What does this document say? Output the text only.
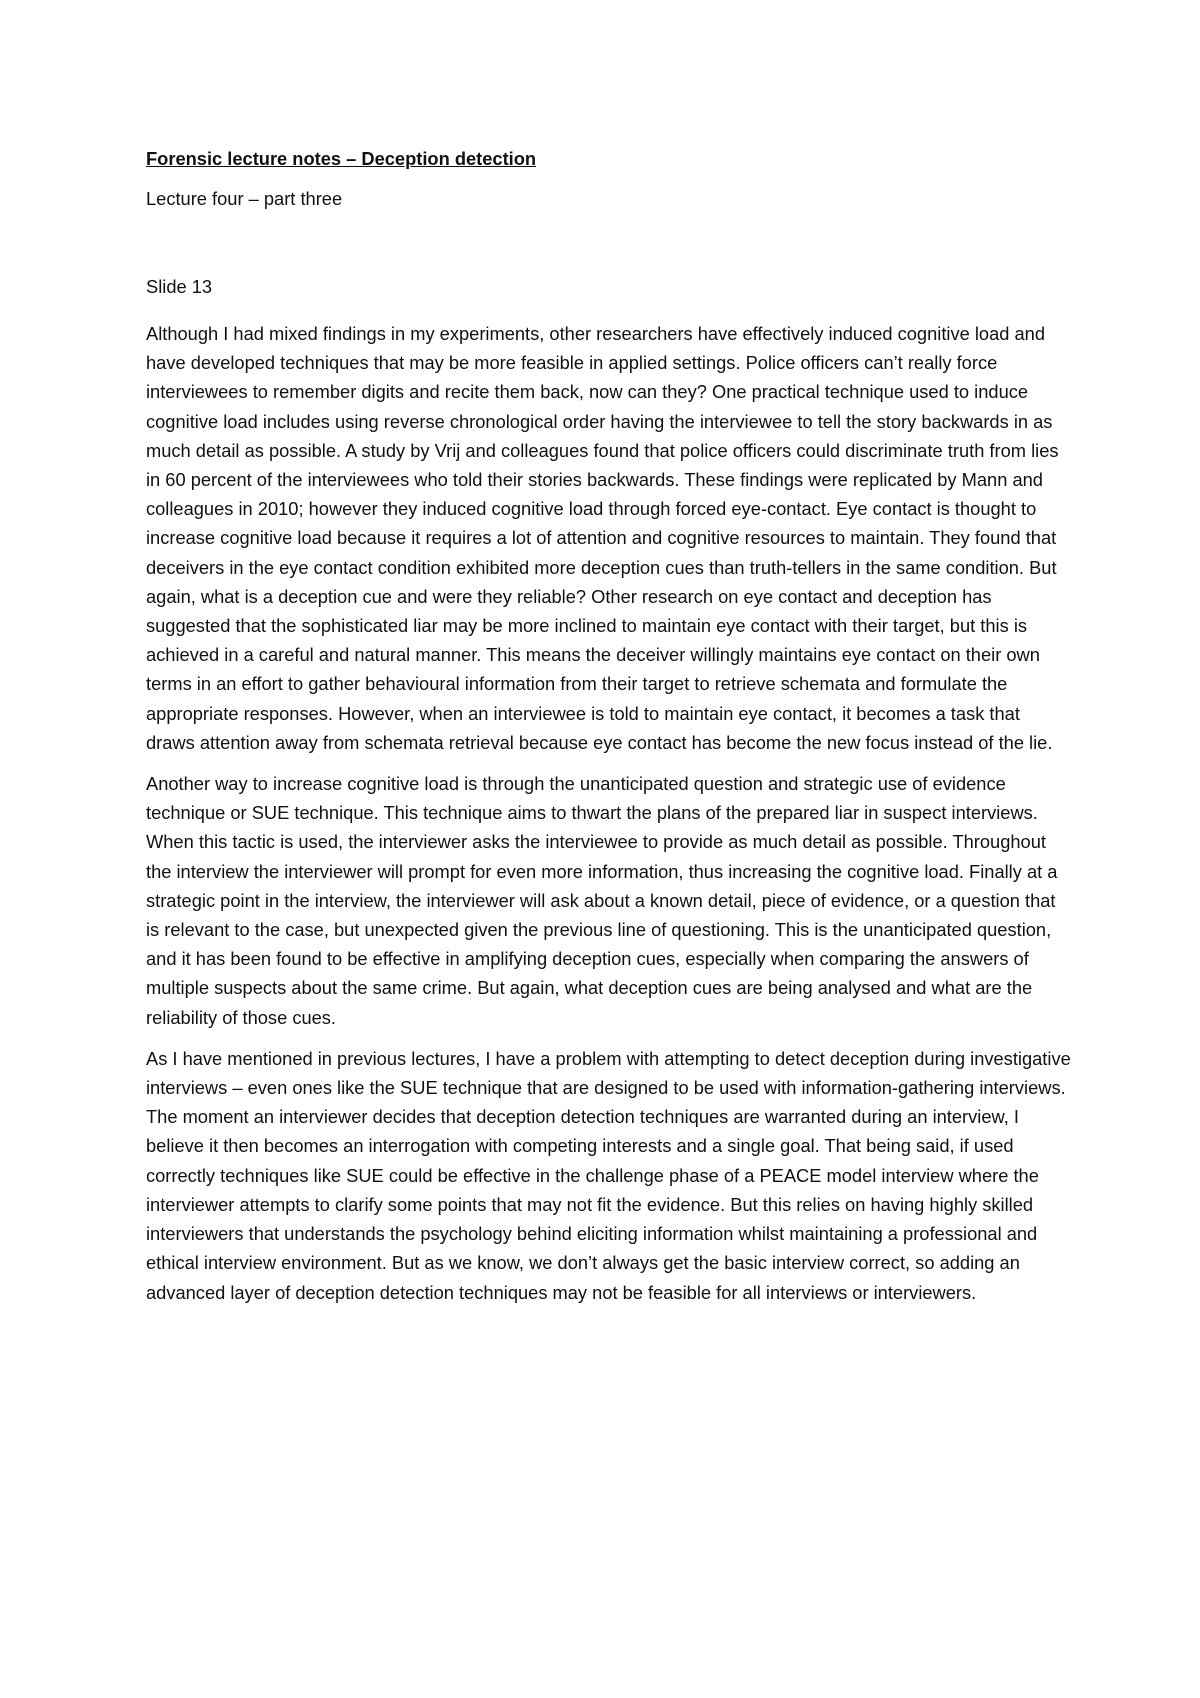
Forensic lecture notes – Deception detection

Lecture four – part three

Slide 13

Although I had mixed findings in my experiments, other researchers have effectively induced cognitive load and have developed techniques that may be more feasible in applied settings. Police officers can’t really force interviewees to remember digits and recite them back, now can they? One practical technique used to induce cognitive load includes using reverse chronological order having the interviewee to tell the story backwards in as much detail as possible. A study by Vrij and colleagues found that police officers could discriminate truth from lies in 60 percent of the interviewees who told their stories backwards. These findings were replicated by Mann and colleagues in 2010; however they induced cognitive load through forced eye-contact. Eye contact is thought to increase cognitive load because it requires a lot of attention and cognitive resources to maintain. They found that deceivers in the eye contact condition exhibited more deception cues than truth-tellers in the same condition. But again, what is a deception cue and were they reliable? Other research on eye contact and deception has suggested that the sophisticated liar may be more inclined to maintain eye contact with their target, but this is achieved in a careful and natural manner. This means the deceiver willingly maintains eye contact on their own terms in an effort to gather behavioural information from their target to retrieve schemata and formulate the appropriate responses. However, when an interviewee is told to maintain eye contact, it becomes a task that draws attention away from schemata retrieval because eye contact has become the new focus instead of the lie.

Another way to increase cognitive load is through the unanticipated question and strategic use of evidence technique or SUE technique. This technique aims to thwart the plans of the prepared liar in suspect interviews. When this tactic is used, the interviewer asks the interviewee to provide as much detail as possible. Throughout the interview the interviewer will prompt for even more information, thus increasing the cognitive load. Finally at a strategic point in the interview, the interviewer will ask about a known detail, piece of evidence, or a question that is relevant to the case, but unexpected given the previous line of questioning. This is the unanticipated question, and it has been found to be effective in amplifying deception cues, especially when comparing the answers of multiple suspects about the same crime. But again, what deception cues are being analysed and what are the reliability of those cues.

As I have mentioned in previous lectures, I have a problem with attempting to detect deception during investigative interviews – even ones like the SUE technique that are designed to be used with information-gathering interviews. The moment an interviewer decides that deception detection techniques are warranted during an interview, I believe it then becomes an interrogation with competing interests and a single goal. That being said, if used correctly techniques like SUE could be effective in the challenge phase of a PEACE model interview where the interviewer attempts to clarify some points that may not fit the evidence. But this relies on having highly skilled interviewers that understands the psychology behind eliciting information whilst maintaining a professional and ethical interview environment. But as we know, we don’t always get the basic interview correct, so adding an advanced layer of deception detection techniques may not be feasible for all interviews or interviewers.
